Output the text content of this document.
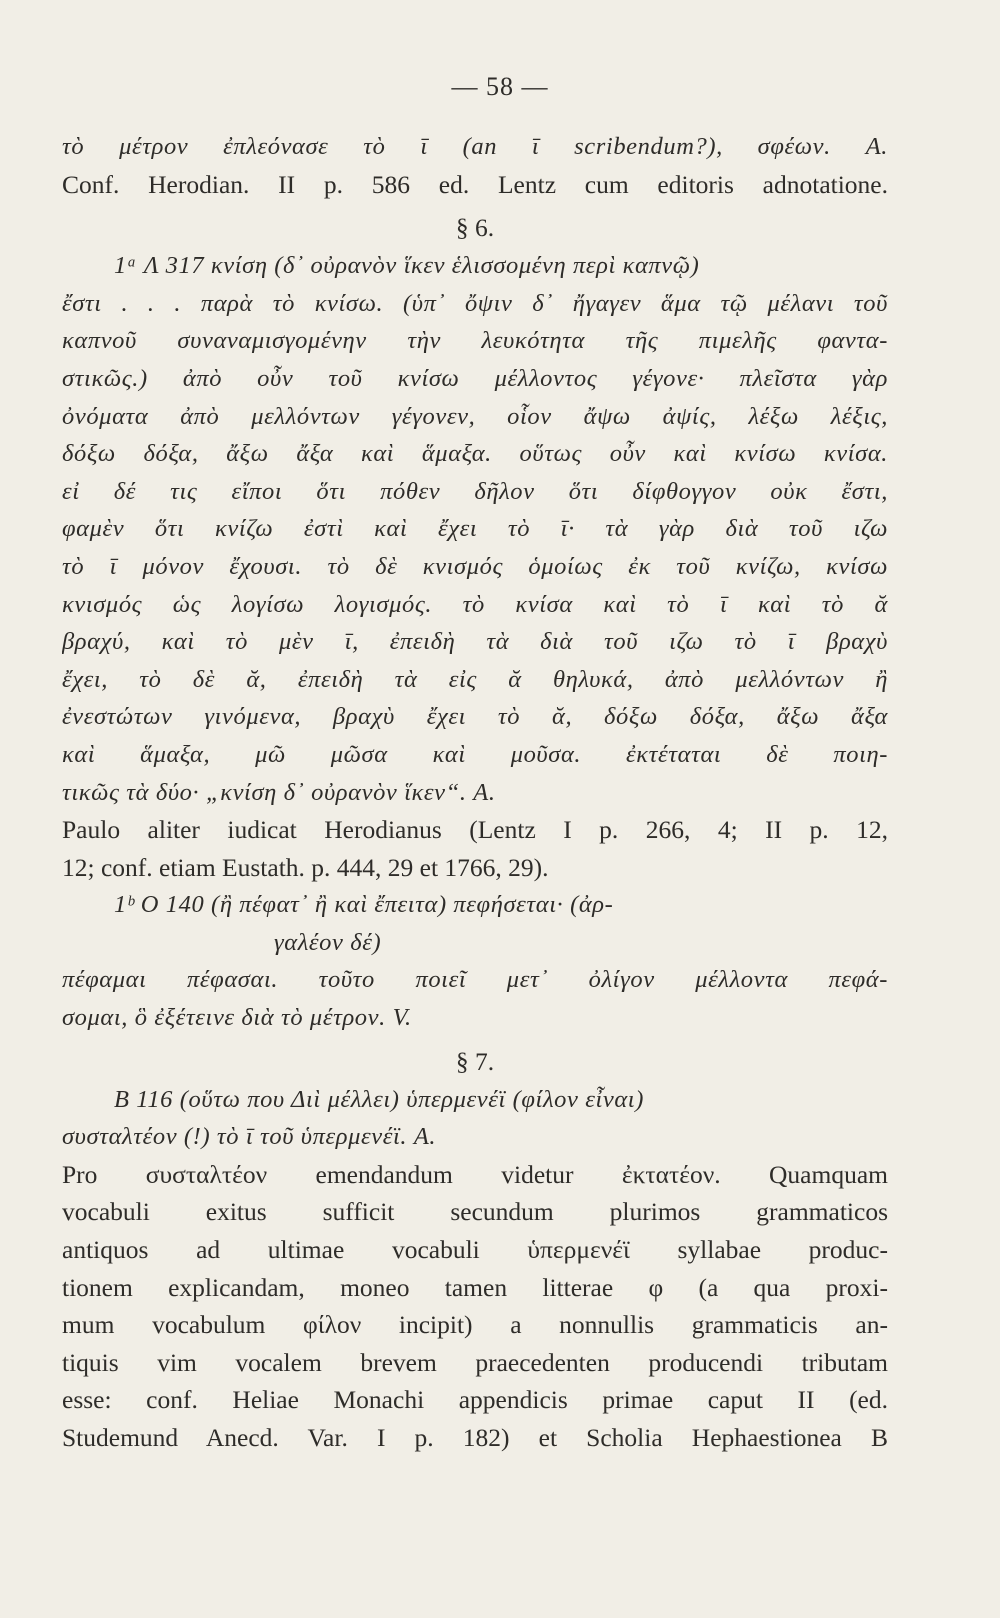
— 58 —
τὸ μέτρον ἐπλεόνασε τὸ ῑ (an ῑ scribendum?), σφέων. A.
Conf. Herodian. II p. 586 ed. Lentz cum editoris adnotatione.
§ 6.
1ᵃ Λ 317 κνίση (δ᾽ οὐρανὸν ἵκεν ἑλισσομένη περὶ καπνῷ)
ἔστι . . . παρὰ τὸ κνίσω. (ὑπ᾽ ὄψιν δ᾽ ἤγαγεν ἅμα τῷ μέλανι τοῦ
καπνοῦ συναναμισγομένην τὴν λευκότητα τῆς πιμελῆς φαντα-
στικῶς.) ἀπὸ οὖν τοῦ κνίσω μέλλοντος γέγονε· πλεῖστα γὰρ
ὀνόματα ἀπὸ μελλόντων γέγονεν, οἷον ἄψω ἀψίς, λέξω λέξις,
δόξω δόξα, ἄξω ἄξα καὶ ἅμαξα. οὕτως οὖν καὶ κνίσω κνίσα.
εἰ δέ τις εἴποι ὅτι πόθεν δῆλον ὅτι δίφθογγον οὐκ ἔστι,
φαμὲν ὅτι κνίζω ἐστὶ καὶ ἔχει τὸ ῑ· τὰ γὰρ διὰ τοῦ ιζω
τὸ ῑ μόνον ἔχουσι. τὸ δὲ κνισμός ὁμοίως ἐκ τοῦ κνίζω, κνίσω
κνισμός ὡς λογίσω λογισμός. τὸ κνίσα καὶ τὸ ῑ καὶ τὸ ᾰ
βραχύ, καὶ τὸ μὲν ῑ, ἐπειδὴ τὰ διὰ τοῦ ιζω τὸ ῑ βραχὺ
ἔχει, τὸ δὲ ᾰ, ἐπειδὴ τὰ εἰς ᾰ θηλυκά, ἀπὸ μελλόντων ἢ
ἐνεστώτων γινόμενα, βραχὺ ἔχει τὸ ᾰ, δόξω δόξα, ἄξω ἄξα
καὶ ἅμαξα, μῶ μῶσα καὶ μοῦσα. ἐκτέταται δὲ ποιη-
τικῶς τὰ δύο· „κνίση δ᾽ οὐρανὸν ἵκεν“. A.
Paulo aliter iudicat Herodianus (Lentz I p. 266, 4; II p. 12,
12; conf. etiam Eustath. p. 444, 29 et 1766, 29).
1ᵇ Ο 140 (ἢ πέφατ᾽ ἢ καὶ ἔπειτα) πεφήσεται· (ἀρ-
γαλέον δέ)
πέφαμαι πέφασαι. τοῦτο ποιεῖ μετ᾽ ὀλίγον μέλλοντα πεφά-
σομαι, ὃ ἐξέτεινε διὰ τὸ μέτρον. V.
§ 7.
Β 116 (οὕτω που Διὶ μέλλει) ὑπερμενέϊ (φίλον εἶναι)
συσταλτέον (!) τὸ ῑ τοῦ ὑπερμενέϊ. A.
Pro συσταλτέον emendandum videtur ἐκτατέον. Quamquam
vocabuli exitus sufficit secundum plurimos grammaticos
antiquos ad ultimae vocabuli ὑπερμενέϊ syllabae produc-
tionem explicandam, moneo tamen litterae φ (a qua proxi-
mum vocabulum φίλον incipit) a nonnullis grammaticis an-
tiquis vim vocalem brevem praecedenten producendi tributam
esse: conf. Heliae Monachi appendicis primae caput II (ed.
Studemund Anecd. Var. I p. 182) et Scholia Hephaestionea B
